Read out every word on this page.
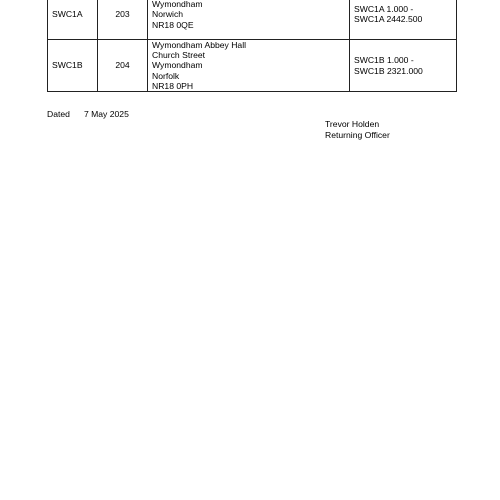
SWC1A	203	Wymondham
Norwich
NR18 0QE	SWC1A 1.000 -
SWC1A 2442.500

SWC1B	204	Wymondham Abbey Hall
Church Street
Wymondham
Norfolk
NR18 0PH	SWC1B 1.000 -
SWC1B 2321.000
Dated 7 May 2025
Trevor Holden
Returning Officer
